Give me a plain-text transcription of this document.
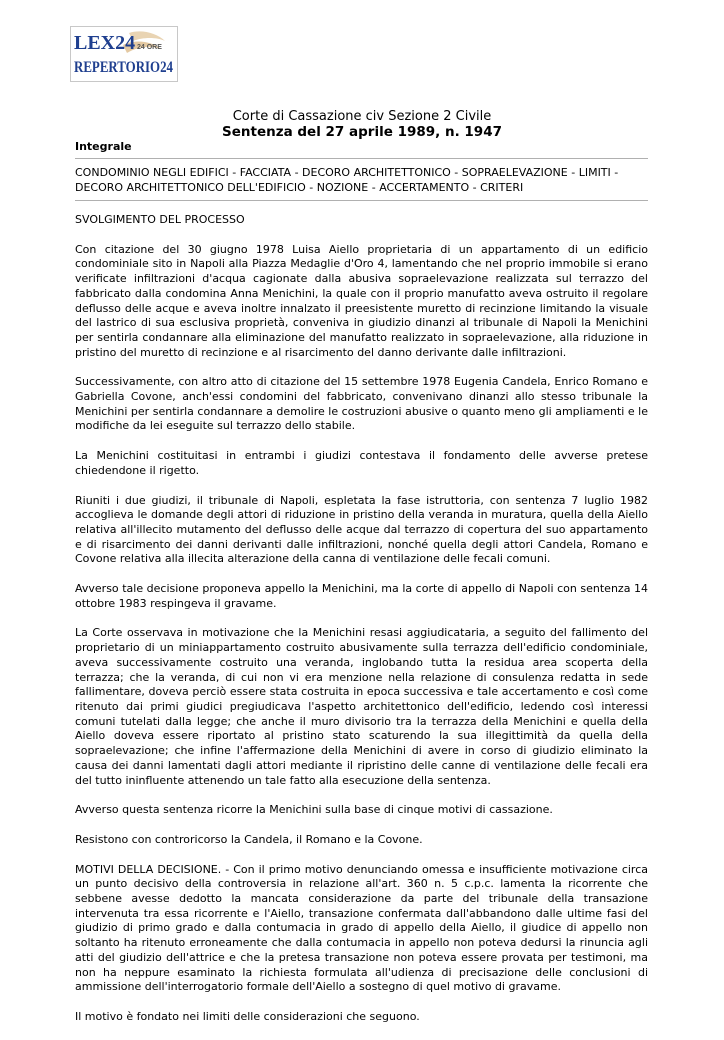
LEX24 24 ORE
REPERTORIO24
Corte di Cassazione civ Sezione 2 Civile
Sentenza del 27 aprile 1989, n. 1947
Integrale
CONDOMINIO NEGLI EDIFICI - FACCIATA - DECORO ARCHITETTONICO - SOPRAELEVAZIONE - LIMITI - DECORO ARCHITETTONICO DELL'EDIFICIO - NOZIONE - ACCERTAMENTO - CRITERI

SVOLGIMENTO DEL PROCESSO

Con citazione del 30 giugno 1978 Luisa Aiello proprietaria di un appartamento di un edificio condominiale sito in Napoli alla Piazza Medaglie d'Oro 4, lamentando che nel proprio immobile si erano verificate infiltrazioni d'acqua cagionate dalla abusiva sopraelevazione realizzata sul terrazzo del fabbricato dalla condomina Anna Menichini, la quale con il proprio manufatto aveva ostruito il regolare deflusso delle acque e aveva inoltre innalzato il preesistente muretto di recinzione limitando la visuale del lastrico di sua esclusiva proprietà, conveniva in giudizio dinanzi al tribunale di Napoli la Menichini per sentirla condannare alla eliminazione del manufatto realizzato in sopraelevazione, alla riduzione in pristino del muretto di recinzione e al risarcimento del danno derivante dalle infiltrazioni.

Successivamente, con altro atto di citazione del 15 settembre 1978 Eugenia Candela, Enrico Romano e Gabriella Covone, anch'essi condomini del fabbricato, convenivano dinanzi allo stesso tribunale la Menichini per sentirla condannare a demolire le costruzioni abusive o quanto meno gli ampliamenti e le modifiche da lei eseguite sul terrazzo dello stabile.

La Menichini costituitasi in entrambi i giudizi contestava il fondamento delle avverse pretese chiedendone il rigetto.

Riuniti i due giudizi, il tribunale di Napoli, espletata la fase istruttoria, con sentenza 7 luglio 1982 accoglieva le domande degli attori di riduzione in pristino della veranda in muratura, quella della Aiello relativa all'illecito mutamento del deflusso delle acque dal terrazzo di copertura del suo appartamento e di risarcimento dei danni derivanti dalle infiltrazioni, nonché quella degli attori Candela, Romano e Covone relativa alla illecita alterazione della canna di ventilazione delle fecali comuni.

Avverso tale decisione proponeva appello la Menichini, ma la corte di appello di Napoli con sentenza 14 ottobre 1983 respingeva il gravame.

La Corte osservava in motivazione che la Menichini resasi aggiudicataria, a seguito del fallimento del proprietario di un miniappartamento costruito abusivamente sulla terrazza dell'edificio condominiale, aveva successivamente costruito una veranda, inglobando tutta la residua area scoperta della terrazza; che la veranda, di cui non vi era menzione nella relazione di consulenza redatta in sede fallimentare, doveva perciò essere stata costruita in epoca successiva e tale accertamento e così come ritenuto dai primi giudici pregiudicava l'aspetto architettonico dell'edificio, ledendo così interessi comuni tutelati dalla legge; che anche il muro divisorio tra la terrazza della Menichini e quella della Aiello doveva essere riportato al pristino stato scaturendo la sua illegittimità da quella della sopraelevazione; che infine l'affermazione della Menichini di avere in corso di giudizio eliminato la causa dei danni lamentati dagli attori mediante il ripristino delle canne di ventilazione delle fecali era del tutto ininfluente attenendo un tale fatto alla esecuzione della sentenza.

Avverso questa sentenza ricorre la Menichini sulla base di cinque motivi di cassazione.

Resistono con controricorso la Candela, il Romano e la Covone.

MOTIVI DELLA DECISIONE. - Con il primo motivo denunciando omessa e insufficiente motivazione circa un punto decisivo della controversia in relazione all'art. 360 n. 5 c.p.c. lamenta la ricorrente che sebbene avesse dedotto la mancata considerazione da parte del tribunale della transazione intervenuta tra essa ricorrente e l'Aiello, transazione confermata dall'abbandono dalle ultime fasi del giudizio di primo grado e dalla contumacia in grado di appello della Aiello, il giudice di appello non soltanto ha ritenuto erroneamente che dalla contumacia in appello non poteva dedursi la rinuncia agli atti del giudizio dell'attrice e che la pretesa transazione non poteva essere provata per testimoni, ma non ha neppure esaminato la richiesta formulata all'udienza di precisazione delle conclusioni di ammissione dell'interrogatorio formale dell'Aiello a sostegno di quel motivo di gravame.

Il motivo è fondato nei limiti delle considerazioni che seguono.
